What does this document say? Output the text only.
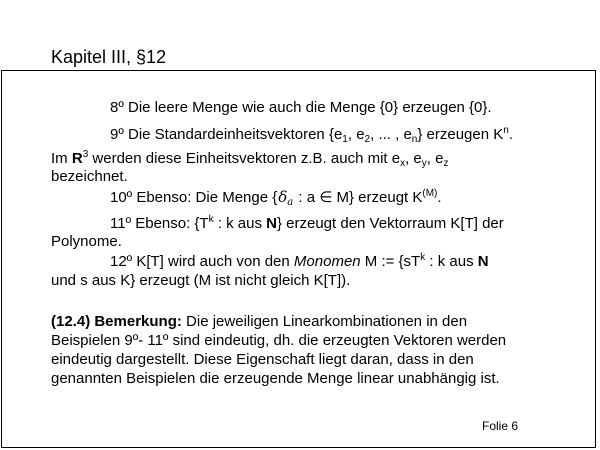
Kapitel III, §12
8º Die leere Menge wie auch die Menge {0} erzeugen {0}.
9º Die Standardeinheitsvektoren {$e_1$, $e_2$, ... , $e_n$} erzeugen $K^n$.
Im $R^3$ werden diese Einheitsvektoren z.B. auch mit $e_x$, $e_y$, $e_z$
bezeichnet.
10º Ebenso: Die Menge {$\delta_a$ : a ∈ M} erzeugt $K^{(M)}$.
11º Ebenso: {$T^k$ : k aus N} erzeugt den Vektorraum K[T] der
Polynome.
12º K[T] wird auch von den Monomen M := {$sT^k$ : k aus N
und s aus K} erzeugt (M ist nicht gleich K[T]).
(12.4) Bemerkung: Die jeweiligen Linearkombinationen in den
Beispielen 9º- 11º sind eindeutig, dh. die erzeugten Vektoren werden
eindeutig dargestellt. Diese Eigenschaft liegt daran, dass in den
genannten Beispielen die erzeugende Menge linear unabhängig ist.
Folie 6
